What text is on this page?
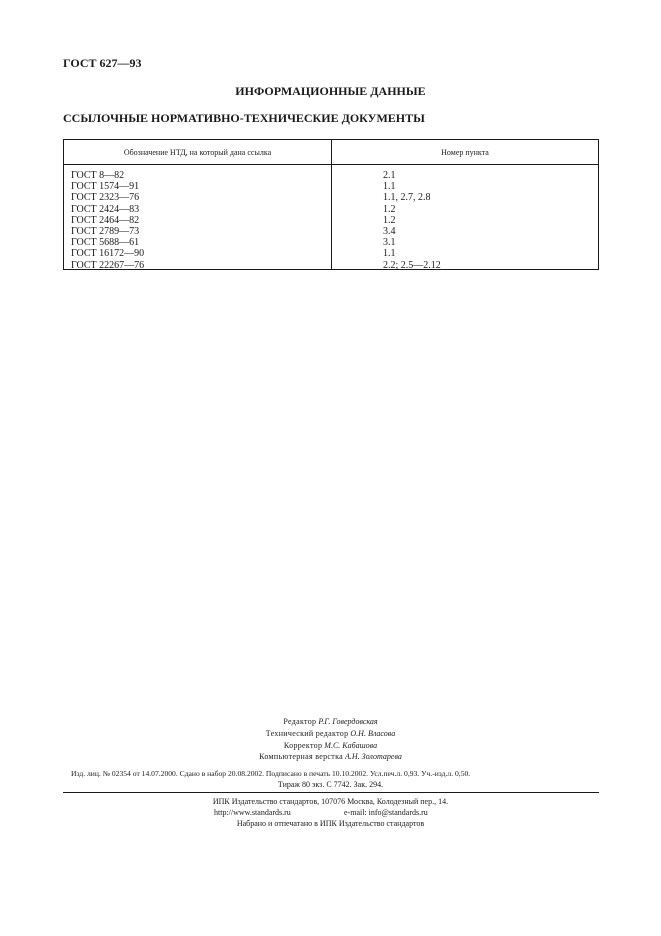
ГОСТ 627—93
ИНФОРМАЦИОННЫЕ ДАННЫЕ
ССЫЛОЧНЫЕ НОРМАТИВНО-ТЕХНИЧЕСКИЕ ДОКУМЕНТЫ
Обозначение НТД, на который дана ссылка	Номер пункта
ГОСТ 8—82
ГОСТ 1574—91
ГОСТ 2323—76
ГОСТ 2424—83
ГОСТ 2464—82
ГОСТ 2789—73
ГОСТ 5688—61
ГОСТ 16172—90
ГОСТ 22267—76
2.1
1.1
1.1, 2.7, 2.8
1.2
1.2
3.4
3.1
1.1
2.2; 2.5—2.12
Редактор Р.Г. Говердовская
Технический редактор О.Н. Власова
Корректор М.С. Кабашова
Компьютерная верстка А.Н. Золотарева
Изд. лиц. № 02354 от 14.07.2000. Сдано в набор 20.08.2002. Подписано в печать 10.10.2002. Усл.печ.л. 0,93. Уч.-изд.л. 0,50.
Тираж 80 экз. С 7742. Зак. 294.
ИПК Издательство стандартов, 107076 Москва, Колодезный пер., 14.
http://www.standards.ru	e-mail: info@standards.ru
Набрано и отпечатано в ИПК Издательство стандартов
